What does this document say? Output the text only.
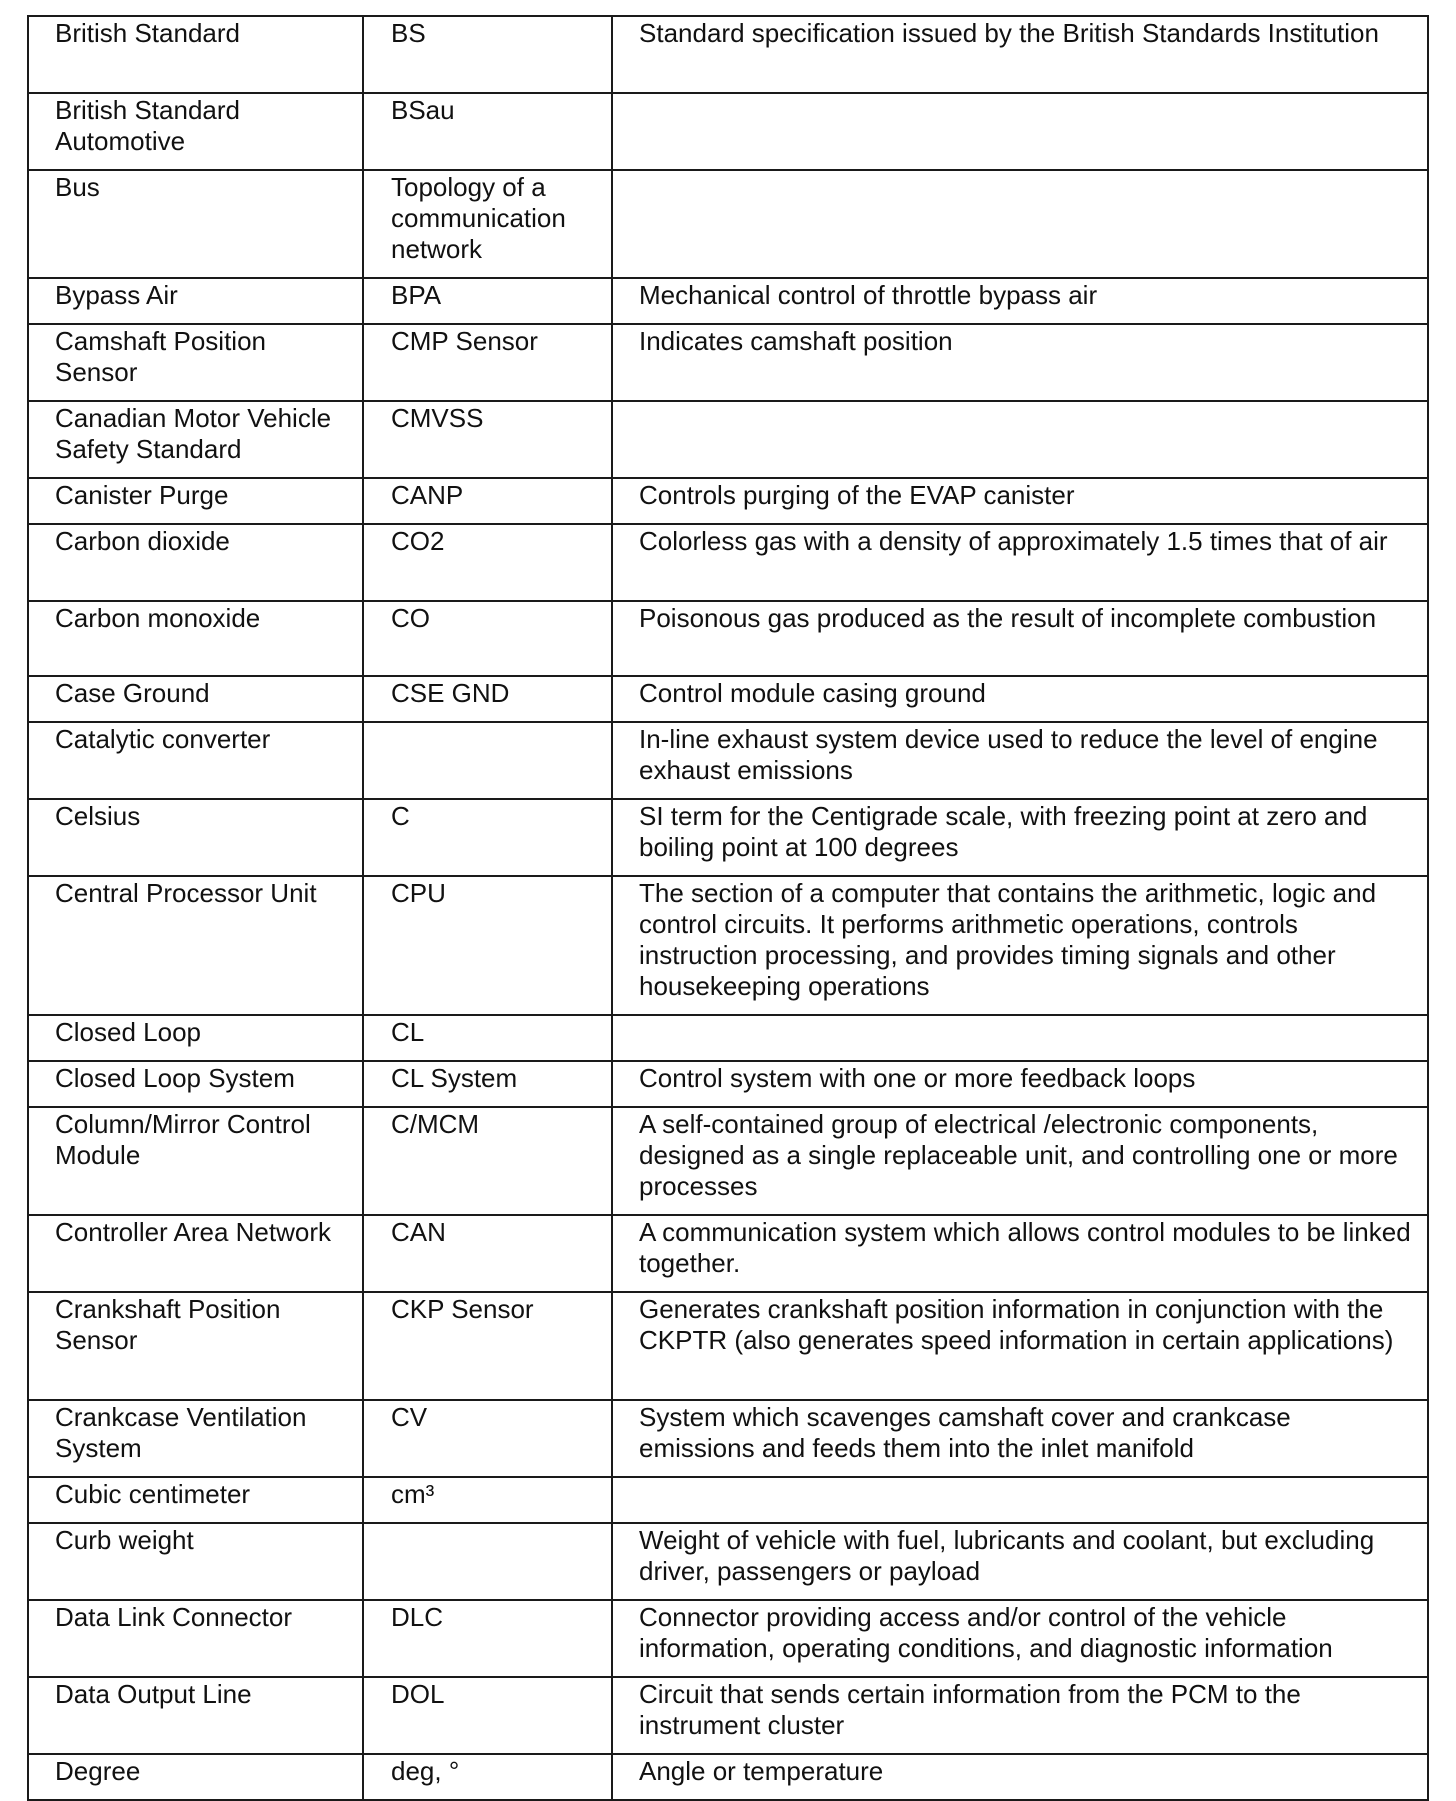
British Standard	BS	Standard specification issued by the British Standards Institution
British Standard Automotive	BSau	
Bus	Topology of a communication network	
Bypass Air	BPA	Mechanical control of throttle bypass air
Camshaft Position Sensor	CMP Sensor	Indicates camshaft position
Canadian Motor Vehicle Safety Standard	CMVSS	
Canister Purge	CANP	Controls purging of the EVAP canister
Carbon dioxide	CO2	Colorless gas with a density of approximately 1.5 times that of air
Carbon monoxide	CO	Poisonous gas produced as the result of incomplete combustion
Case Ground	CSE GND	Control module casing ground
Catalytic converter		In-line exhaust system device used to reduce the level of engine exhaust emissions
Celsius	C	SI term for the Centigrade scale, with freezing point at zero and boiling point at 100 degrees
Central Processor Unit	CPU	The section of a computer that contains the arithmetic, logic and control circuits. It performs arithmetic operations, controls instruction processing, and provides timing signals and other housekeeping operations
Closed Loop	CL	
Closed Loop System	CL System	Control system with one or more feedback loops
Column/Mirror Control Module	C/MCM	A self-contained group of electrical /electronic components, designed as a single replaceable unit, and controlling one or more processes
Controller Area Network	CAN	A communication system which allows control modules to be linked together.
Crankshaft Position Sensor	CKP Sensor	Generates crankshaft position information in conjunction with the CKPTR (also generates speed information in certain applications)
Crankcase Ventilation System	CV	System which scavenges camshaft cover and crankcase emissions and feeds them into the inlet manifold
Cubic centimeter	cm³	
Curb weight		Weight of vehicle with fuel, lubricants and coolant, but excluding driver, passengers or payload
Data Link Connector	DLC	Connector providing access and/or control of the vehicle information, operating conditions, and diagnostic information
Data Output Line	DOL	Circuit that sends certain information from the PCM to the instrument cluster
Degree	deg, °	Angle or temperature
